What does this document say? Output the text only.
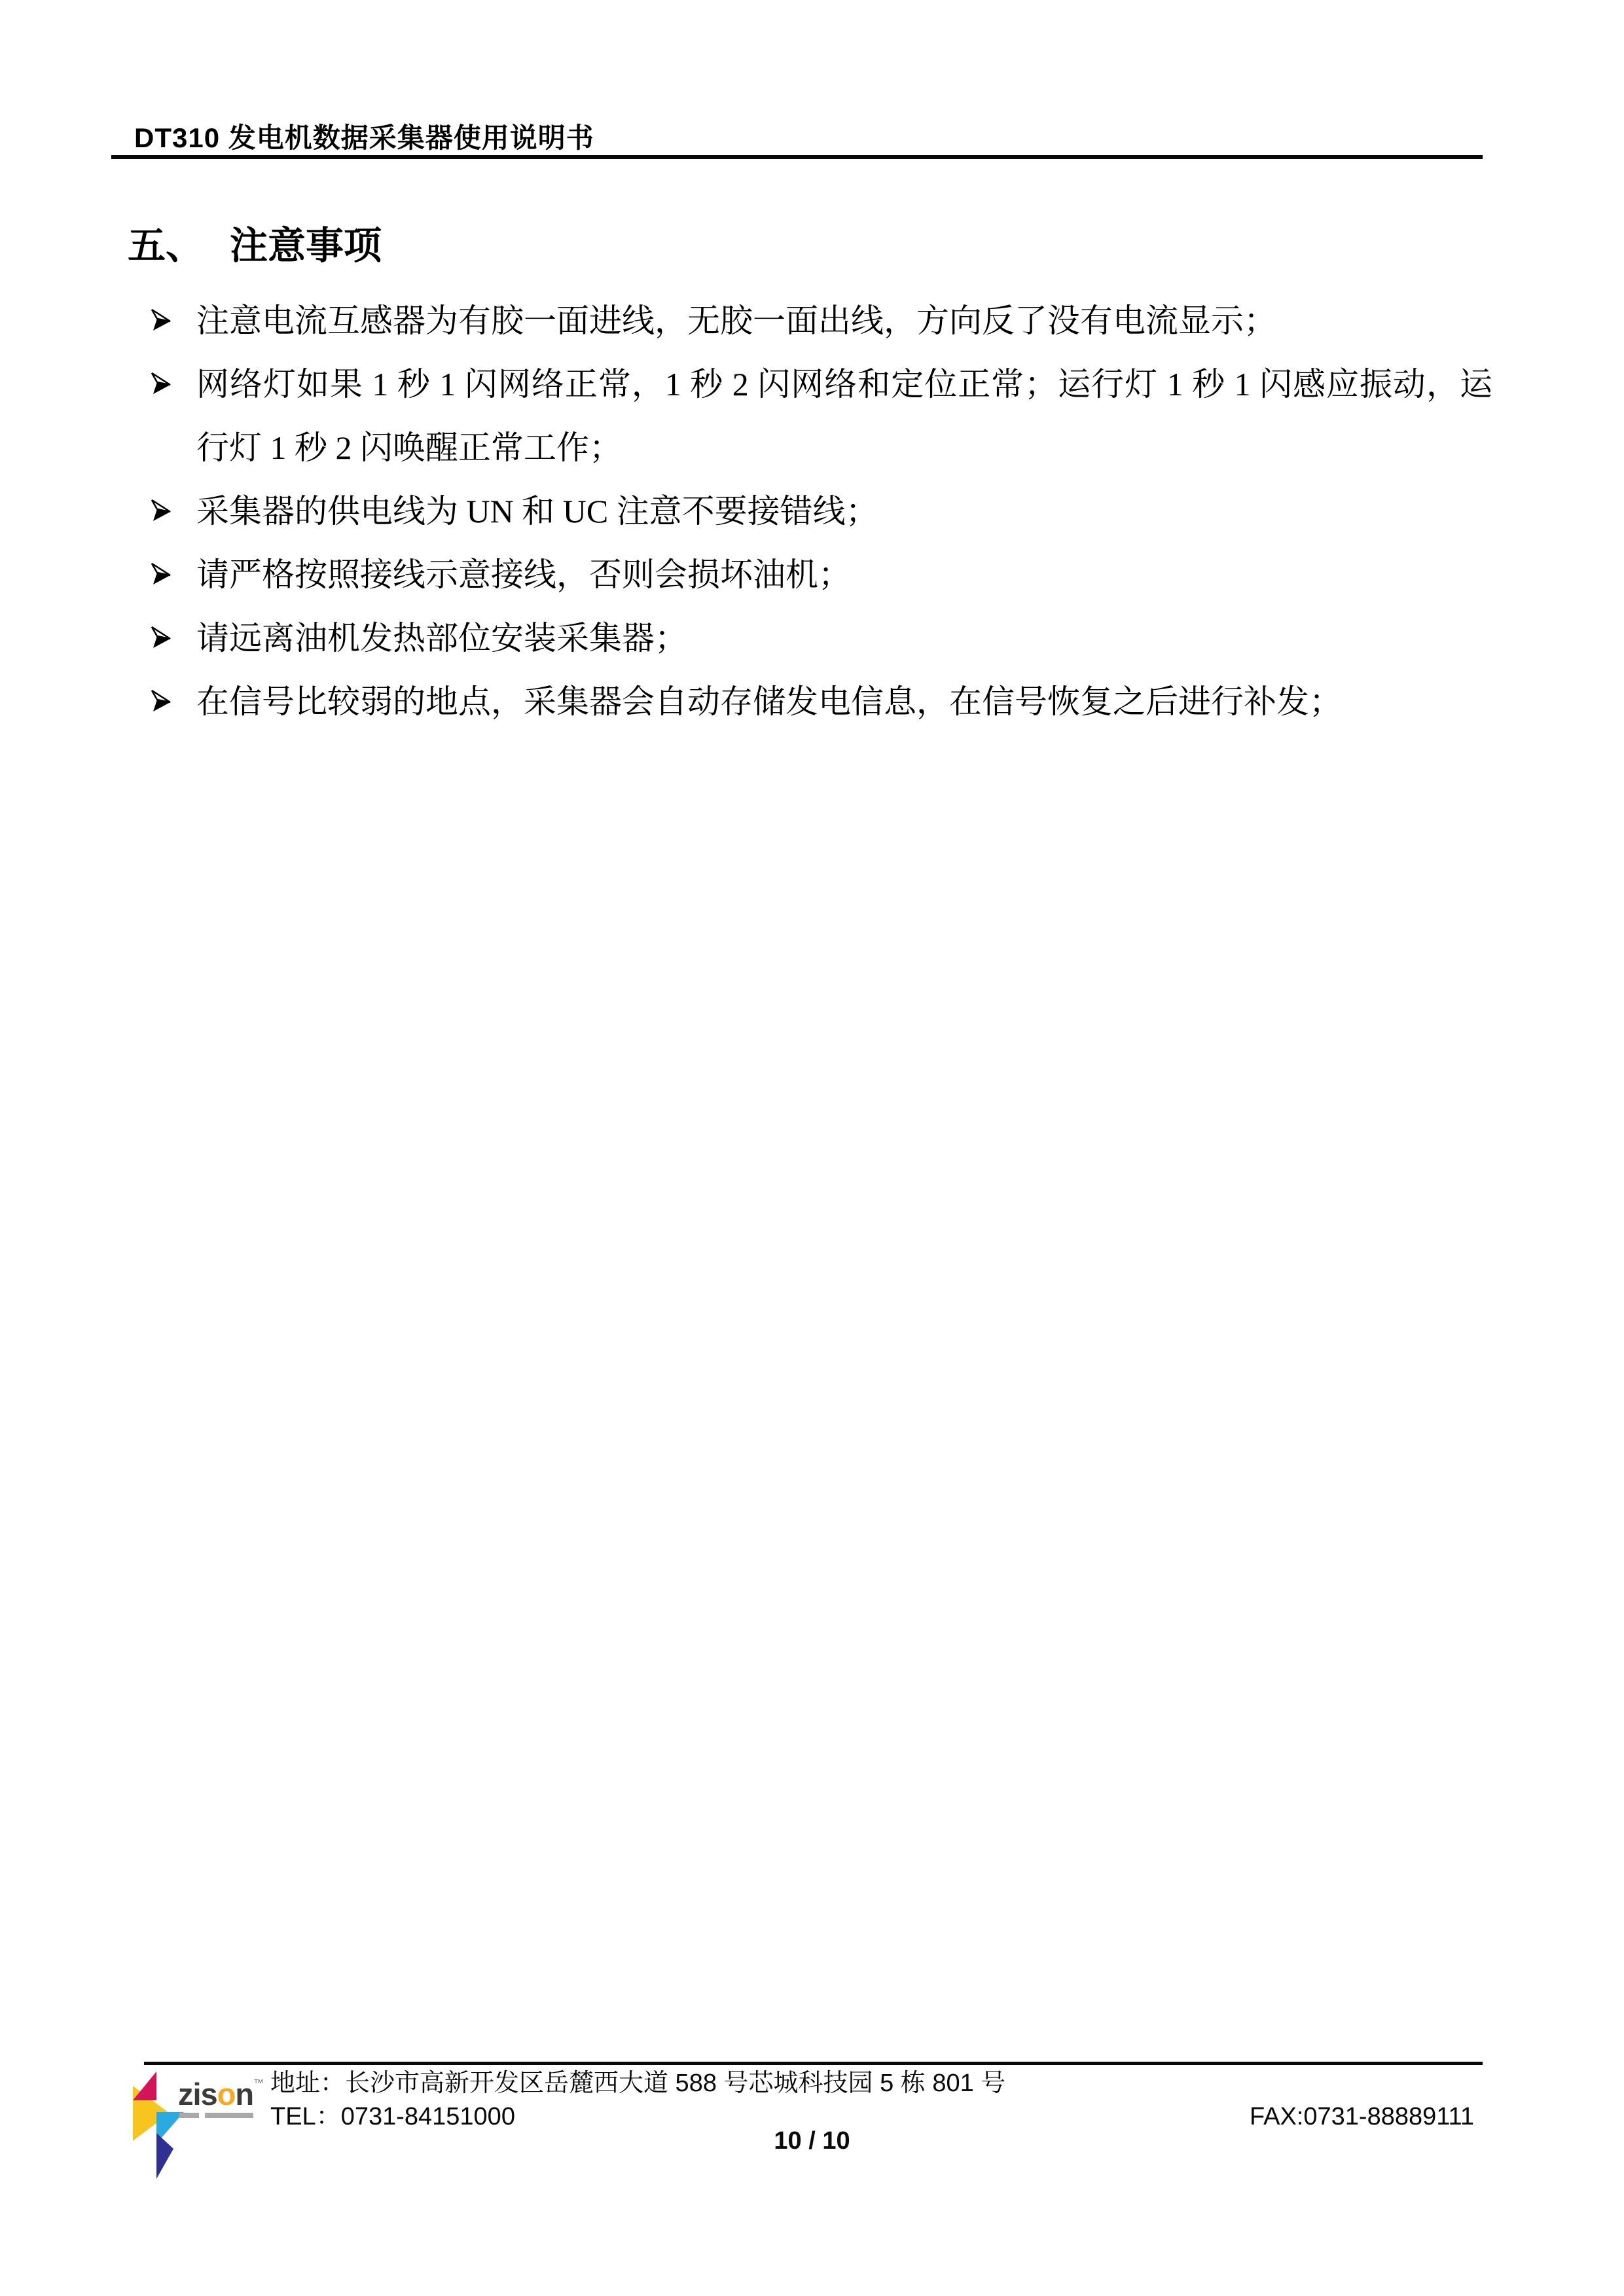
DT310 发电机数据采集器使用说明书
五、 注意事项
注意电流互感器为有胶一面进线，无胶一面出线，方向反了没有电流显示；
网络灯如果 1 秒 1 闪网络正常，1 秒 2 闪网络和定位正常；运行灯 1 秒 1 闪感应振动，运行灯 1 秒 2 闪唤醒正常工作；
采集器的供电线为 UN 和 UC 注意不要接错线；
请严格按照接线示意接线，否则会损坏油机；
请远离油机发热部位安装采集器；
在信号比较弱的地点，采集器会自动存储发电信息，在信号恢复之后进行补发；
zison™ 地址：长沙市高新开发区岳麓西大道 588 号芯城科技园 5 栋 801 号
TEL：0731-84151000	FAX:0731-88889111
10 / 10
